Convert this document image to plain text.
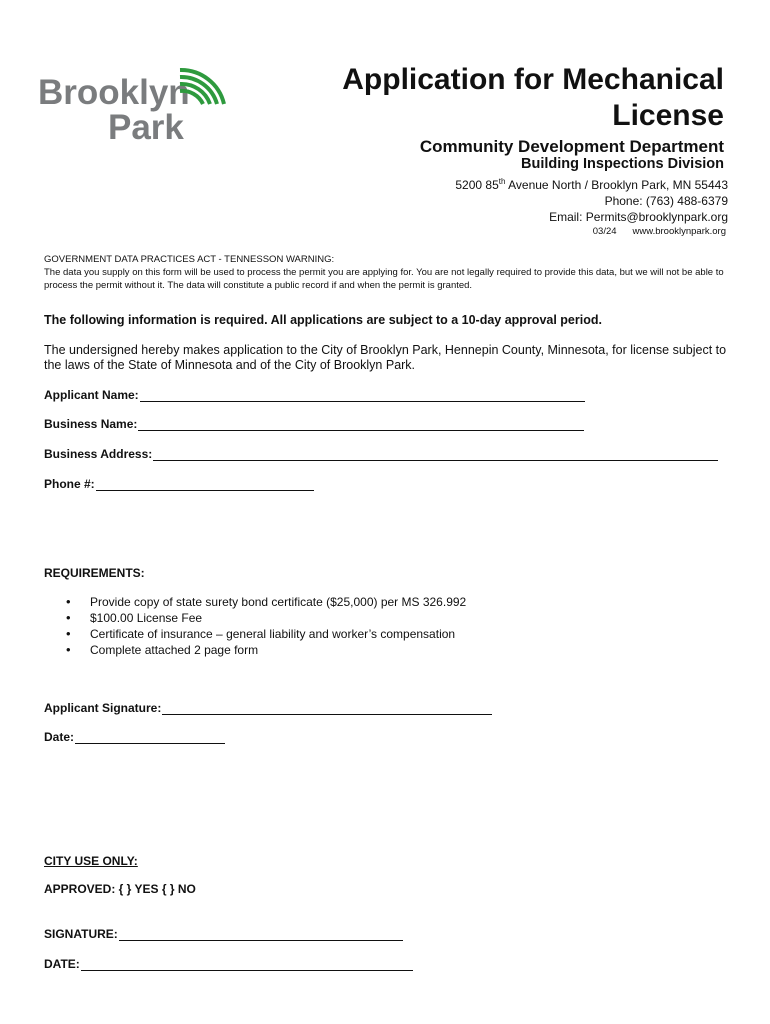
Brooklyn
Park
Application for Mechanical
License
Community Development Department
Building Inspections Division
5200 85th Avenue North / Brooklyn Park, MN 55443
Phone: (763) 488-6379
Email: Permits@brooklynpark.org
03/24 www.brooklynpark.org
GOVERNMENT DATA PRACTICES ACT - TENNESSON WARNING:
The data you supply on this form will be used to process the permit you are applying for. You are not legally required to provide this data, but we will not be able to process the permit without it. The data will constitute a public record if and when the permit is granted.
The following information is required. All applications are subject to a 10-day approval period.
The undersigned hereby makes application to the City of Brooklyn Park, Hennepin County, Minnesota, for license subject to the laws of the State of Minnesota and of the City of Brooklyn Park.
Applicant Name:
Business Name:
Business Address:
Phone #:
REQUIREMENTS:
• Provide copy of state surety bond certificate ($25,000) per MS 326.992
• $100.00 License Fee
• Certificate of insurance – general liability and worker’s compensation
• Complete attached 2 page form
Applicant Signature:
Date:
CITY USE ONLY:
APPROVED: { } YES { } NO
SIGNATURE:
DATE:
